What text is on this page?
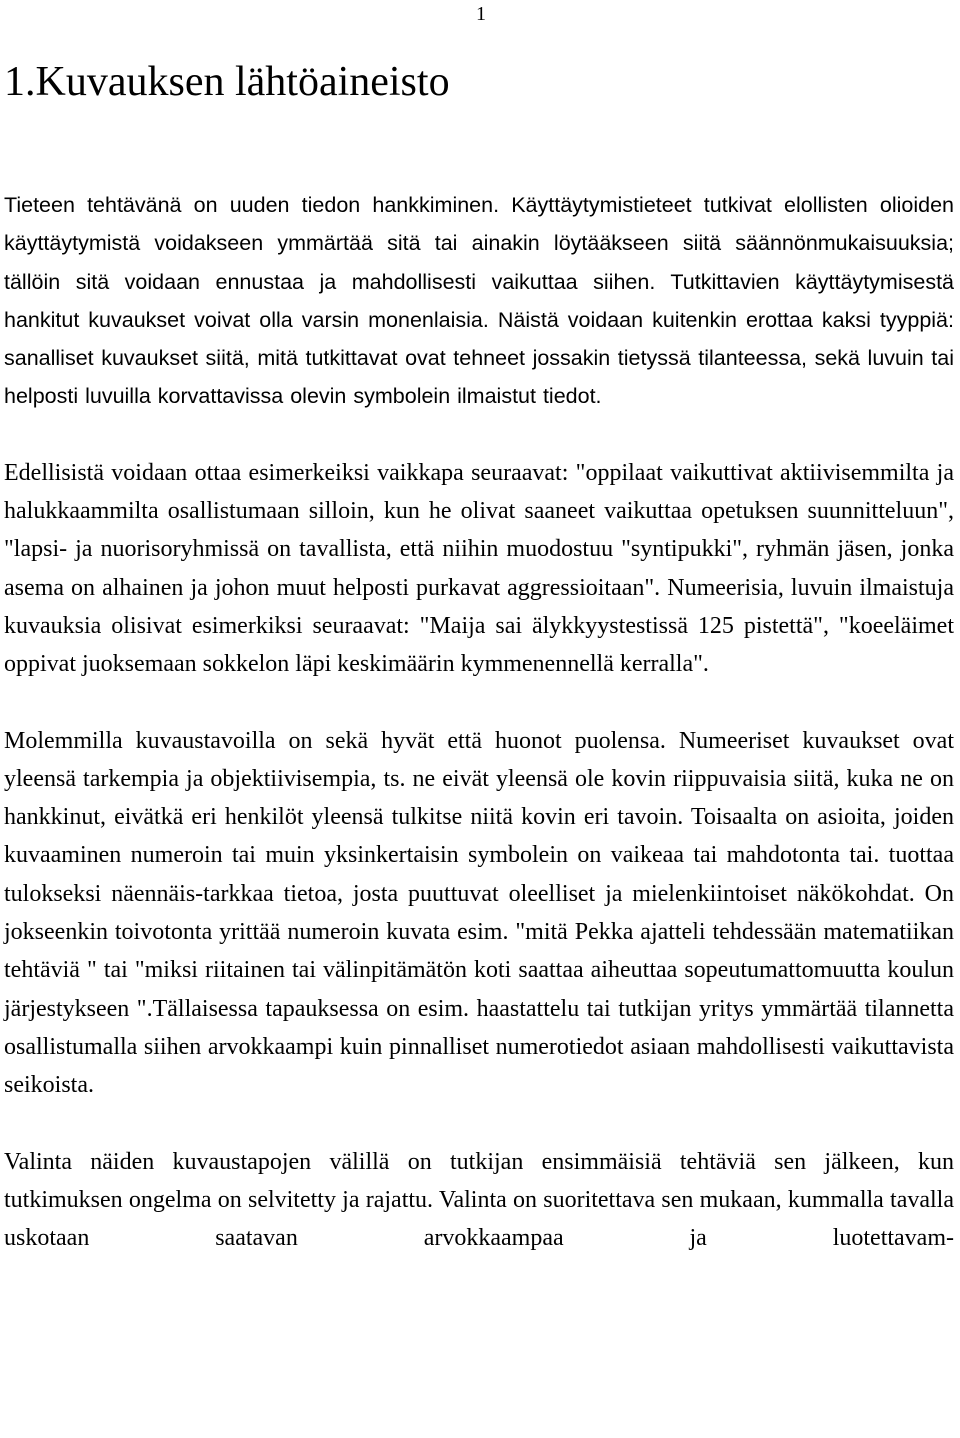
1
1.Kuvauksen lähtöaineisto

Tieteen tehtävänä on uuden tiedon hankkiminen. Käyttäytymistieteet tutkivat elollisten olioiden käyttäytymistä voidakseen ymmärtää sitä tai ainakin löytääkseen siitä säännönmukaisuuksia; tällöin sitä voidaan ennustaa ja mahdollisesti vaikuttaa siihen. Tutkittavien käyttäytymisestä hankitut kuvaukset voivat olla varsin monenlaisia. Näistä voidaan kuitenkin erottaa kaksi tyyppiä: sanalliset kuvaukset siitä, mitä tutkittavat ovat tehneet jossakin tietyssä tilanteessa, sekä luvuin tai helposti luvuilla korvattavissa olevin symbolein ilmaistut tiedot.

Edellisistä voidaan ottaa esimerkeiksi vaikkapa seuraavat: "oppilaat vaikuttivat aktiivisemmilta ja halukkaammilta osallistumaan silloin, kun he olivat saaneet vaikuttaa opetuksen suunnitteluun", "lapsi- ja nuorisoryhmissä on tavallista, että niihin muodostuu "syntipukki", ryhmän jäsen, jonka asema on alhainen ja johon muut helposti purkavat aggressioitaan". Numeerisia, luvuin ilmaistuja kuvauksia olisivat esimerkiksi seuraavat: "Maija sai älykkyystestissä 125 pistettä", "koeeläimet oppivat juoksemaan sokkelon läpi keskimäärin kymmenennellä kerralla".

Molemmilla kuvaustavoilla on sekä hyvät että huonot puolensa. Numeeriset kuvaukset ovat yleensä tarkempia ja objektiivisempia, ts. ne eivät yleensä ole kovin riippuvaisia siitä, kuka ne on hankkinut, eivätkä eri henkilöt yleensä tulkitse niitä kovin eri tavoin. Toisaalta on asioita, joiden kuvaaminen numeroin tai muin yksinkertaisin symbolein on vaikeaa tai mahdotonta tai. tuottaa tulokseksi näennäis-tarkkaa tietoa, josta puuttuvat oleelliset ja mielenkiintoiset näkökohdat. On jokseenkin toivotonta yrittää numeroin kuvata esim. "mitä Pekka ajatteli tehdessään matematiikan tehtäviä " tai "miksi riitainen tai välinpitämätön koti saattaa aiheuttaa sopeutumattomuutta koulun järjestykseen ".Tällaisessa tapauksessa on esim. haastattelu tai tutkijan yritys ymmärtää tilannetta osallistumalla siihen arvokkaampi kuin pinnalliset numerotiedot asiaan mahdollisesti vaikuttavista seikoista.

Valinta näiden kuvaustapojen välillä on tutkijan ensimmäisiä tehtäviä sen jälkeen, kun tutkimuksen ongelma on selvitetty ja rajattu. Valinta on suoritettava sen mukaan, kummalla tavalla uskotaan saatavan arvokkaampaa ja luotettavam-
